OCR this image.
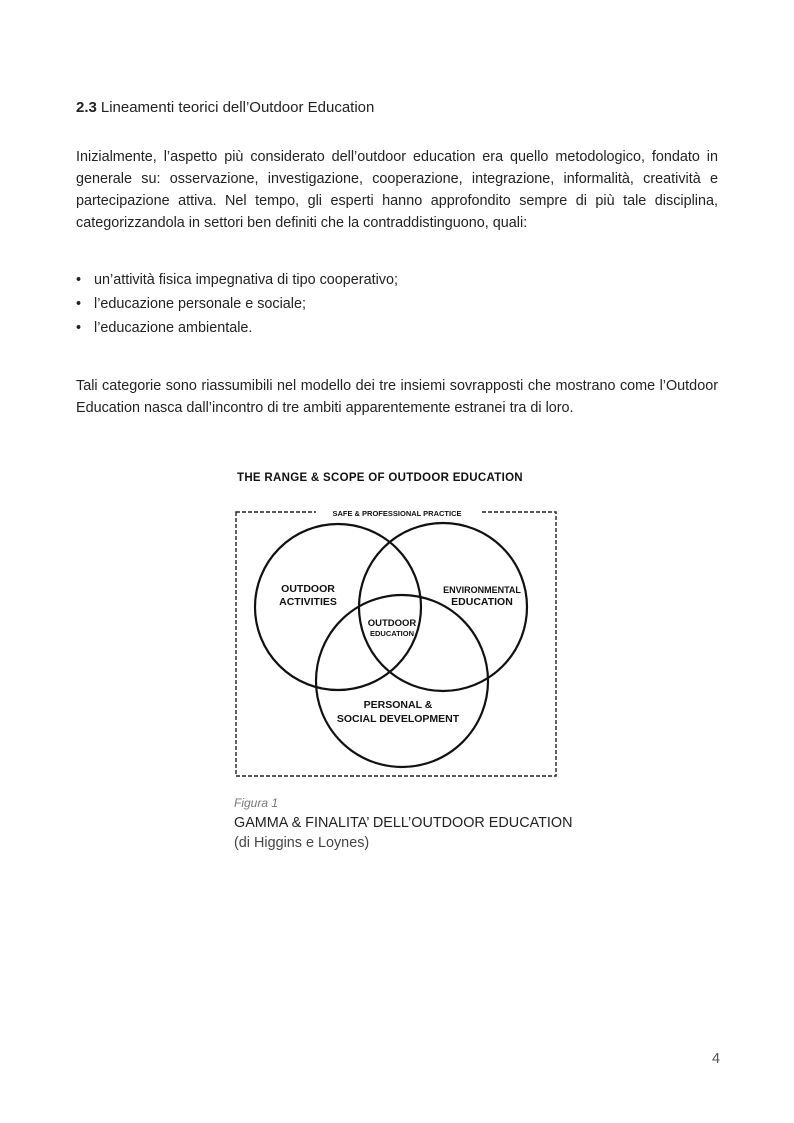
2.3 Lineamenti teorici dell’Outdoor Education

Inizialmente, l’aspetto più considerato dell’outdoor education era quello metodologico, fondato in generale su: osservazione, investigazione, cooperazione, integrazione, informalità, creatività e partecipazione attiva. Nel tempo, gli esperti hanno approfondito sempre di più tale disciplina, categorizzandola in settori ben definiti che la contraddistinguono, quali:

• un’attività fisica impegnativa di tipo cooperativo;
• l’educazione personale e sociale;
• l’educazione ambientale.

Tali categorie sono riassumibili nel modello dei tre insiemi sovrapposti che mostrano come l’Outdoor Education nasca dall’incontro di tre ambiti apparentemente estranei tra di loro.

THE RANGE & SCOPE OF OUTDOOR EDUCATION
SAFE & PROFESSIONAL PRACTICE
OUTDOOR
ACTIVITIES
ENVIRONMENTAL
EDUCATION
OUTDOOR
EDUCATION
PERSONAL &
SOCIAL DEVELOPMENT
Figura 1
GAMMA & FINALITA’ DELL’OUTDOOR EDUCATION
(di Higgins e Loynes)
4
